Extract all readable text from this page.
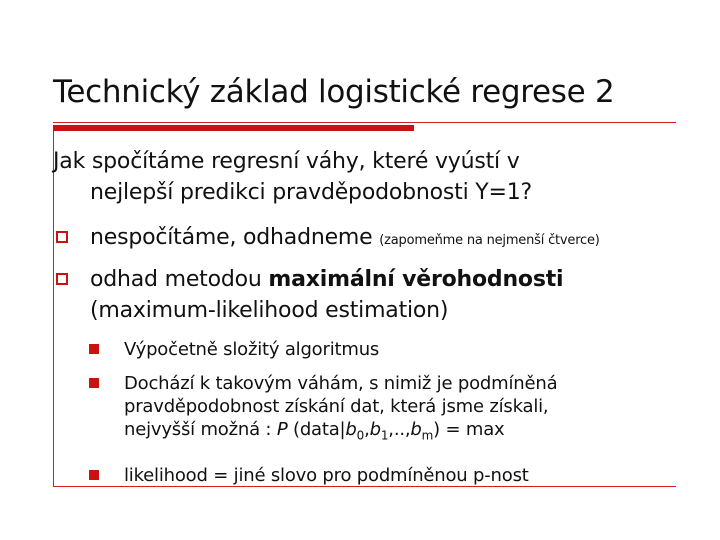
Technický základ logistické regrese 2
Jak spočítáme regresní váhy, které vyústí v
nejlepší predikci pravděpodobnosti Y=1?
nespočítáme, odhadneme (zapomeňme na nejmenší čtverce)
odhad metodou maximální věrohodnosti
(maximum-likelihood estimation)
Výpočetně složitý algoritmus
Dochází k takovým váhám, s nimiž je podmíněná
pravděpodobnost získání dat, která jsme získali,
nejvyšší možná : P $(data|b_0,b_1,..,b_m) = \max$
likelihood = jiné slovo pro podmíněnou p-nost
